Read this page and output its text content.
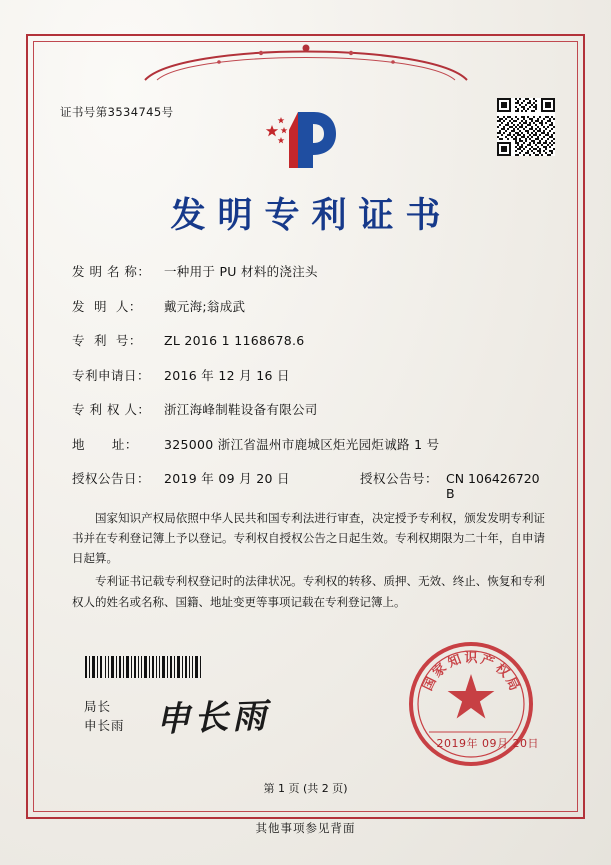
证书号第3534745号
发明专利证书
发 明 名 称：	一种用于 PU 材料的浇注头
发  明  人：	戴元海;翁成武
专  利  号：	ZL 2016 1 1168678.6
专利申请日：	2016 年 12 月 16 日
专 利 权 人：	浙江海峰制鞋设备有限公司
地      址：	325000 浙江省温州市鹿城区炬光园炬诚路 1 号
授权公告日：	2019 年 09 月 20 日	授权公告号： CN 106426720 B

国家知识产权局依照中华人民共和国专利法进行审查，决定授予专利权，颁发发明专利证书并在专利登记簿上予以登记。专利权自授权公告之日起生效。专利权期限为二十年，自申请日起算。

专利证书记载专利权登记时的法律状况。专利权的转移、质押、无效、终止、恢复和专利权人的姓名或名称、国籍、地址变更等事项记载在专利登记簿上。

局长
申长雨 申长雨
国
家
知 识 产
权
局
2019年 09月 20日
第 1 页 (共 2 页)
其他事项参见背面
